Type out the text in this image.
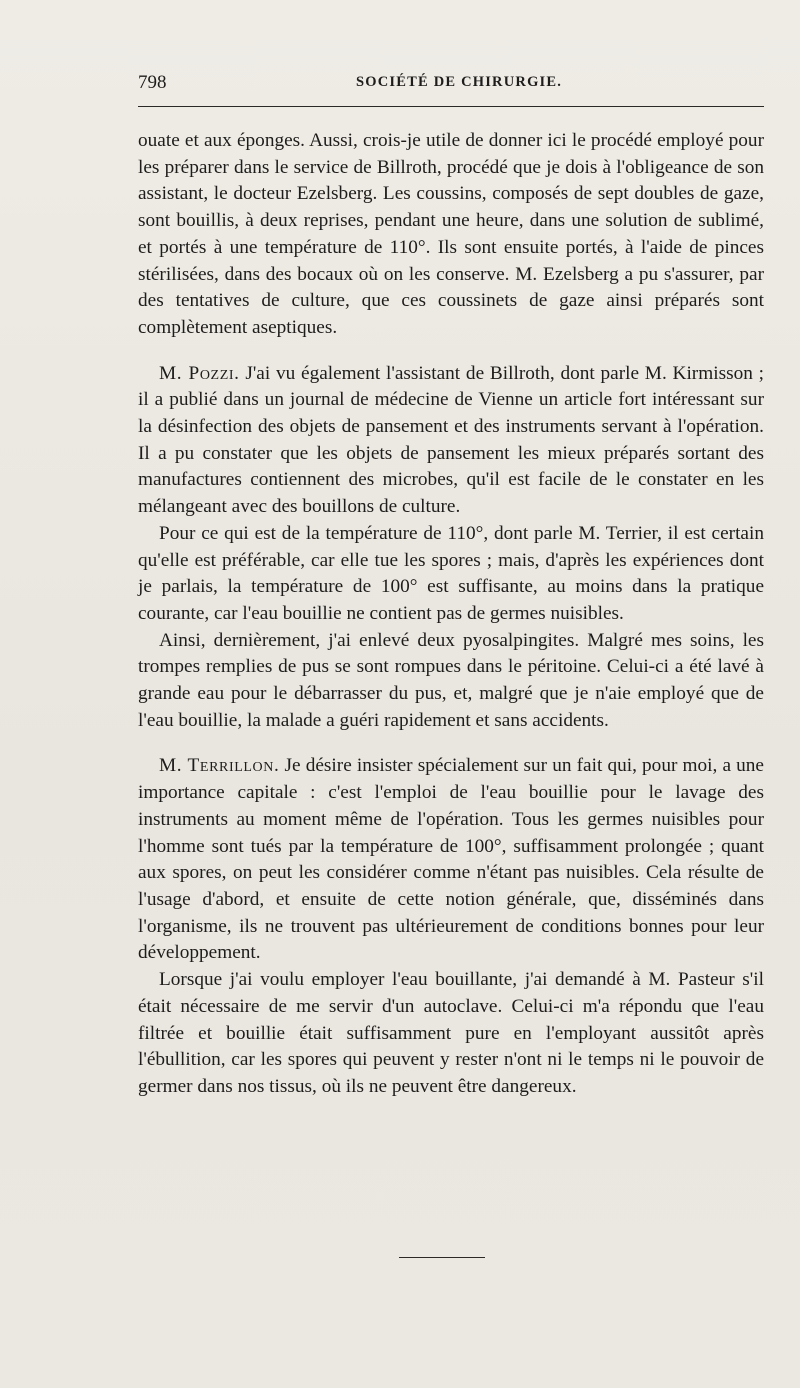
798	SOCIÉTÉ DE CHIRURGIE.

ouate et aux éponges. Aussi, crois-je utile de donner ici le procédé employé pour les préparer dans le service de Billroth, procédé que je dois à l'obligeance de son assistant, le docteur Ezelsberg. Les coussins, composés de sept doubles de gaze, sont bouillis, à deux reprises, pendant une heure, dans une solution de sublimé, et portés à une température de 110°. Ils sont ensuite portés, à l'aide de pinces stérilisées, dans des bocaux où on les conserve. M. Ezelsberg a pu s'assurer, par des tentatives de culture, que ces coussinets de gaze ainsi préparés sont complètement aseptiques.

M. Pozzi. J'ai vu également l'assistant de Billroth, dont parle M. Kirmisson ; il a publié dans un journal de médecine de Vienne un article fort intéressant sur la désinfection des objets de pansement et des instruments servant à l'opération. Il a pu constater que les objets de pansement les mieux préparés sortant des manufactures contiennent des microbes, qu'il est facile de le constater en les mélangeant avec des bouillons de culture.

Pour ce qui est de la température de 110°, dont parle M. Terrier, il est certain qu'elle est préférable, car elle tue les spores ; mais, d'après les expériences dont je parlais, la température de 100° est suffisante, au moins dans la pratique courante, car l'eau bouillie ne contient pas de germes nuisibles.

Ainsi, dernièrement, j'ai enlevé deux pyosalpingites. Malgré mes soins, les trompes remplies de pus se sont rompues dans le péritoine. Celui-ci a été lavé à grande eau pour le débarrasser du pus, et, malgré que je n'aie employé que de l'eau bouillie, la malade a guéri rapidement et sans accidents.

M. Terrillon. Je désire insister spécialement sur un fait qui, pour moi, a une importance capitale : c'est l'emploi de l'eau bouillie pour le lavage des instruments au moment même de l'opération. Tous les germes nuisibles pour l'homme sont tués par la température de 100°, suffisamment prolongée ; quant aux spores, on peut les considérer comme n'étant pas nuisibles. Cela résulte de l'usage d'abord, et ensuite de cette notion générale, que, disséminés dans l'organisme, ils ne trouvent pas ultérieurement de conditions bonnes pour leur développement.

Lorsque j'ai voulu employer l'eau bouillante, j'ai demandé à M. Pasteur s'il était nécessaire de me servir d'un autoclave. Celui-ci m'a répondu que l'eau filtrée et bouillie était suffisamment pure en l'employant aussitôt après l'ébullition, car les spores qui peuvent y rester n'ont ni le temps ni le pouvoir de germer dans nos tissus, où ils ne peuvent être dangereux.
